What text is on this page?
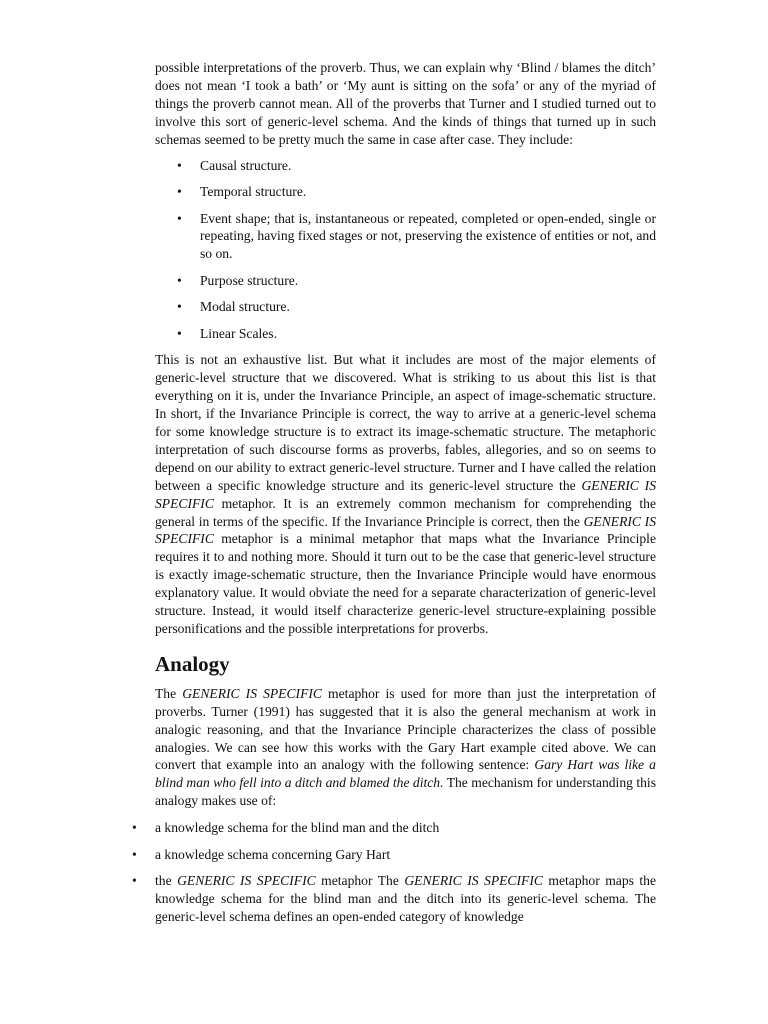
possible interpretations of the proverb. Thus, we can explain why ‘Blind / blames the ditch’ does not mean ‘I took a bath’ or ‘My aunt is sitting on the sofa’ or any of the myriad of things the proverb cannot mean. All of the proverbs that Turner and I studied turned out to involve this sort of generic-level schema. And the kinds of things that turned up in such schemas seemed to be pretty much the same in case after case. They include:

• Causal structure.
• Temporal structure.
• Event shape; that is, instantaneous or repeated, completed or open-ended, single or repeating, having fixed stages or not, preserving the existence of entities or not, and so on.
• Purpose structure.
• Modal structure.
• Linear Scales.

This is not an exhaustive list. But what it includes are most of the major elements of generic-level structure that we discovered. What is striking to us about this list is that everything on it is, under the Invariance Principle, an aspect of image-schematic structure. In short, if the Invariance Principle is correct, the way to arrive at a generic-level schema for some knowledge structure is to extract its image-schematic structure. The metaphoric interpretation of such discourse forms as proverbs, fables, allegories, and so on seems to depend on our ability to extract generic-level structure. Turner and I have called the relation between a specific knowledge structure and its generic-level structure the GENERIC IS SPECIFIC metaphor. It is an extremely common mechanism for comprehending the general in terms of the specific. If the Invariance Principle is correct, then the GENERIC IS SPECIFIC metaphor is a minimal metaphor that maps what the Invariance Principle requires it to and nothing more. Should it turn out to be the case that generic-level structure is exactly image-schematic structure, then the Invariance Principle would have enormous explanatory value. It would obviate the need for a separate characterization of generic-level structure. Instead, it would itself characterize generic-level structure-explaining possible personifications and the possible interpretations for proverbs.

Analogy

The GENERIC IS SPECIFIC metaphor is used for more than just the interpretation of proverbs. Turner (1991) has suggested that it is also the general mechanism at work in analogic reasoning, and that the Invariance Principle characterizes the class of possible analogies. We can see how this works with the Gary Hart example cited above. We can convert that example into an analogy with the following sentence: Gary Hart was like a blind man who fell into a ditch and blamed the ditch. The mechanism for understanding this analogy makes use of:

• a knowledge schema for the blind man and the ditch
• a knowledge schema concerning Gary Hart
• the GENERIC IS SPECIFIC metaphor The GENERIC IS SPECIFIC metaphor maps the knowledge schema for the blind man and the ditch into its generic-level schema. The generic-level schema defines an open-ended category of knowledge
